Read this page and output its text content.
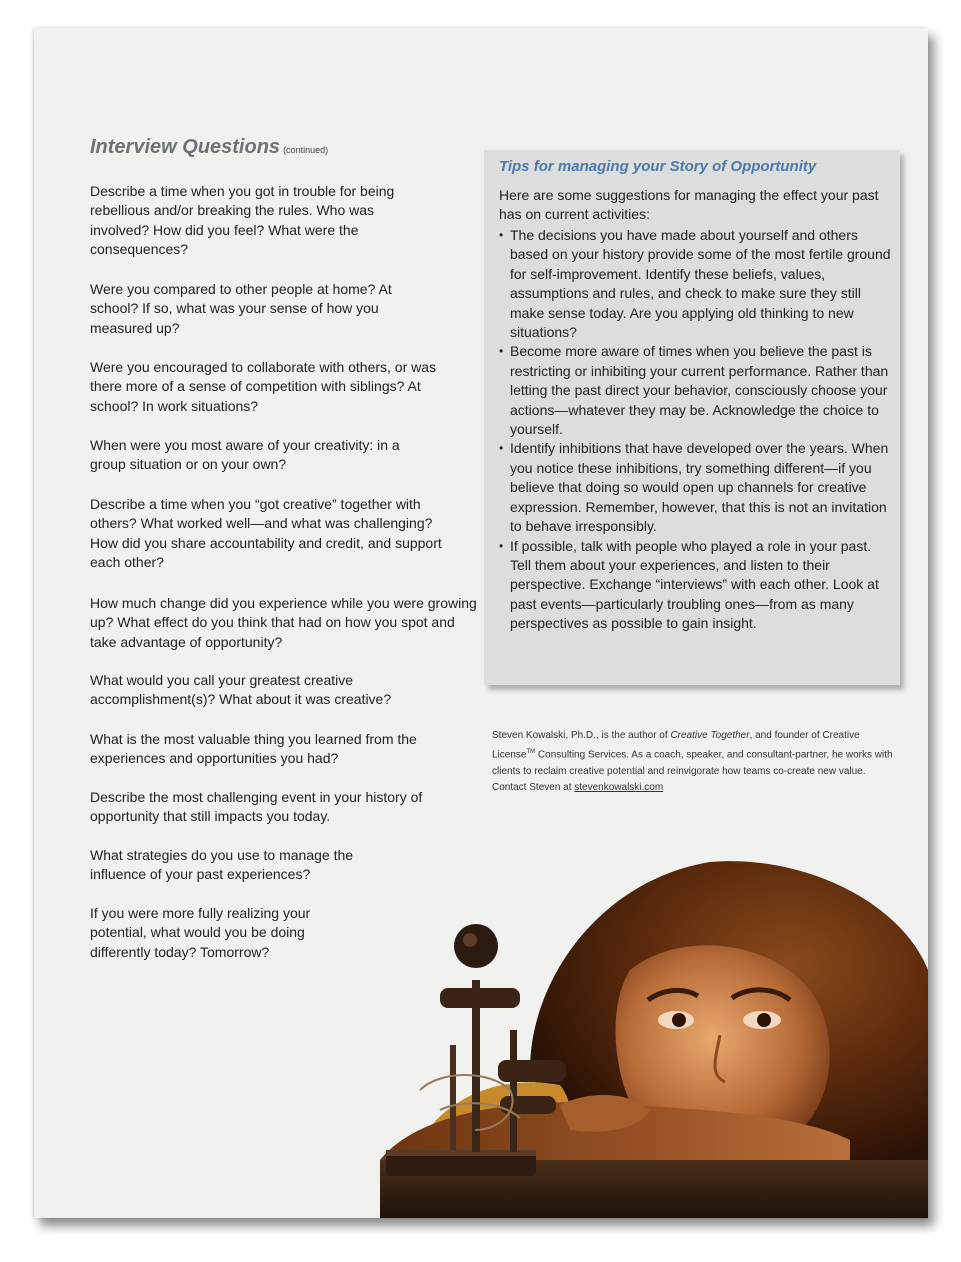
Interview Questions (continued)

Describe a time when you got in trouble for being rebellious and/or breaking the rules. Who was involved? How did you feel? What were the consequences?

Were you compared to other people at home? At school? If so, what was your sense of how you measured up?

Were you encouraged to collaborate with others, or was there more of a sense of competition with siblings? At school? In work situations?

When were you most aware of your creativity: in a group situation or on your own?

Describe a time when you “got creative” together with others? What worked well—and what was challenging? How did you share accountability and credit, and support each other?

How much change did you experience while you were growing up? What effect do you think that had on how you spot and take advantage of opportunity?

What would you call your greatest creative accomplishment(s)? What about it was creative?

What is the most valuable thing you learned from the experiences and opportunities you had?

Describe the most challenging event in your history of opportunity that still impacts you today.

What strategies do you use to manage the influence of your past experiences?

If you were more fully realizing your potential, what would you be doing differently today? Tomorrow?

Tips for managing your Story of Opportunity

Here are some suggestions for managing the effect your past has on current activities:

• The decisions you have made about yourself and others based on your history provide some of the most fertile ground for self-improvement. Identify these beliefs, values, assumptions and rules, and check to make sure they still make sense today. Are you applying old thinking to new situations?
• Become more aware of times when you believe the past is restricting or inhibiting your current performance. Rather than letting the past direct your behavior, consciously choose your actions—whatever they may be. Acknowledge the choice to yourself.
• Identify inhibitions that have developed over the years. When you notice these inhibitions, try something different—if you believe that doing so would open up channels for creative expression. Remember, however, that this is not an invitation to behave irresponsibly.
• If possible, talk with people who played a role in your past. Tell them about your experiences, and listen to their perspective. Exchange “interviews” with each other. Look at past events—particularly troubling ones—from as many perspectives as possible to gain insight.

Steven Kowalski, Ph.D., is the author of Creative Together, and founder of Creative License™ Consulting Services. As a coach, speaker, and consultant-partner, he works with clients to reclaim creative potential and reinvigorate how teams co-create new value. Contact Steven at stevenkowalski.com
